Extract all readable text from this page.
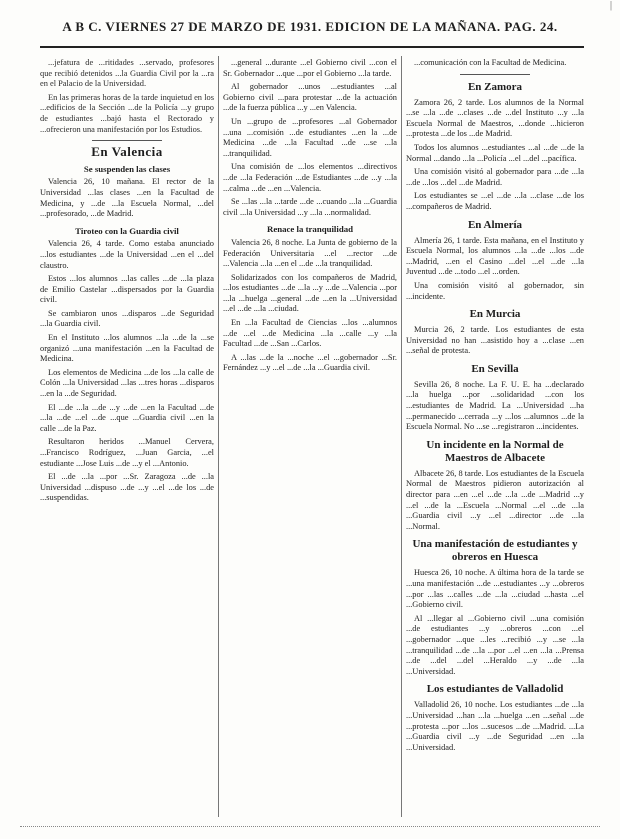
A B C. VIERNES 27 DE MARZO DE 1931. EDICION DE LA MAÑANA. PAG. 24.
|

...jefatura de ...ritidades ...servado, profesores que recibió detenidos ...la Guardia Civil por la ...ra en el Palacio de la Universidad.

En las primeras horas de la tarde inquietud en los ...edificios de la Sección ...de la Policía ...y grupo de estudiantes ...bajó hasta el Rectorado y ...ofrecieron una manifestación por los Estudios.

En Valencia
Se suspenden las clases

Valencia 26, 10 mañana. El rector de la Universidad ...las clases ...en la Facultad de Medicina, y ...de ...la Escuela Normal, ...del ...profesorado, ...de Madrid.

Tiroteo con la Guardia civil

Valencia 26, 4 tarde. Como estaba anunciado ...los estudiantes ...de la Universidad ...en el ...del claustro.

Estos ...los alumnos ...las calles ...de ...la plaza de Emilio Castelar ...dispersados por la Guardia civil.

Se cambiaron unos ...disparos ...de Seguridad ...la Guardia civil.

En el Instituto ...los alumnos ...la ...de la ...se organizó ...una manifestación ...en la Facultad de Medicina.

Los elementos de Medicina ...de los ...la calle de Colón ...la Universidad ...las ...tres horas ...disparos ...en la ...de Seguridad.

El ...de ...la ...de ...y ...de ...en la Facultad ...de ...la ...de ...el ...de ...que ...Guardia civil ...en la calle ...de la Paz.

Resultaron heridos ...Manuel Cervera, ...Francisco Rodríguez, ...Juan Garcia, ...el estudiante ...Jose Luis ...de ...y el ...Antonio.

El ...de ...la ...por ...Sr. Zaragoza ...de ...la Universidad ...dispuso ...de ...y ...el ...de los ...de ...suspendidas.

...general ...durante ...el Gobierno civil ...con el Sr. Gobernador ...que ...por el Gobierno ...la tarde.

Al gobernador ...unos ...estudiantes ...al Gobierno civil ...para protestar ...de la actuación ...de la fuerza pública ...y ...en Valencia.

Un ...grupo de ...profesores ...al Gobernador ...una ...comisión ...de estudiantes ...en la ...de Medicina ...de ...la Facultad ...de ...se ...la ...tranquilidad.

Una comisión de ...los elementos ...directivos ...de ...la Federación ...de Estudiantes ...de ...y ...la ...calma ...de ...en ...Valencia.

Se ...las ...la ...tarde ...de ...cuando ...la ...Guardia civil ...la Universidad ...y ...la ...normalidad.

Renace la tranquilidad

Valencia 26, 8 noche. La Junta de gobierno de la Federación Universitaria ...el ...rector ...de ...Valencia ...la ...en el ...de ...la tranquilidad.

Solidarizados con los compañeros de Madrid, ...los estudiantes ...de ...la ...y ...de ...Valencia ...por ...la ...huelga ...general ...de ...en la ...Universidad ...el ...de ...la ...ciudad.

En ...la Facultad de Ciencias ...los ...alumnos ...de ...el ...de Medicina ...la ...calle ...y ...la Facultad ...de ...San ...Carlos.

A ...las ...de la ...noche ...el ...gobernador ...Sr. Fernández ...y ...el ...de ...la ...Guardia civil.

...comunicación con la Facultad de Medicina.

En Zamora

Zamora 26, 2 tarde. Los alumnos de la Normal ...se ...la ...de ...clases ...de ...del Instituto ...y ...la Escuela Normal de Maestros, ...donde ...hicieron ...protesta ...de los ...de Madrid.

Todos los alumnos ...estudiantes ...al ...de ...de la Normal ...dando ...la ...Policía ...el ...del ...pacífica.

Una comisión visitó al gobernador para ...de ...la ...de ...los ...del ...de Madrid.

Los estudiantes se ...el ...de ...la ...clase ...de los ...compañeros de Madrid.

En Almería

Almería 26, 1 tarde. Esta mañana, en el Instituto y Escuela Normal, los alumnos ...la ...de ...los ...de ...Madrid, ...en el Casino ...del ...el ...de ...la Juventud ...de ...todo ...el ...orden.

Una comisión visitó al gobernador, sin ...incidente.

En Murcia

Murcia 26, 2 tarde. Los estudiantes de esta Universidad no han ...asistido hoy a ...clase ...en ...señal de protesta.

En Sevilla

Sevilla 26, 8 noche. La F. U. E. ha ...declarado ...la huelga ...por ...solidaridad ...con los ...estudiantes de Madrid. La ...Universidad ...ha ...permanecido ...cerrada ...y ...los ...alumnos ...de la Escuela Normal. No ...se ...registraron ...incidentes.

Un incidente en la Normal de Maestros de Albacete

Albacete 26, 8 tarde. Los estudiantes de la Escuela Normal de Maestros pidieron autorización al director para ...en ...el ...de ...la ...de ...Madrid ...y ...el ...de la ...Escuela ...Normal ...el ...de ...la ...Guardia civil ...y ...el ...director ...de ...la ...Normal.

Una manifestación de estudiantes y obreros en Huesca

Huesca 26, 10 noche. A última hora de la tarde se ...una manifestación ...de ...estudiantes ...y ...obreros ...por ...las ...calles ...de ...la ...ciudad ...hasta ...el ...Gobierno civil.

Al ...llegar al ...Gobierno civil ...una comisión ...de estudiantes ...y ...obreros ...con ...el ...gobernador ...que ...les ...recibió ...y ...se ...la ...tranquilidad ...de ...la ...por ...el ...en ...la ...Prensa ...de ...del ...del ...Heraldo ...y ...de ...la ...Universidad.

Los estudiantes de Valladolid

Valladolid 26, 10 noche. Los estudiantes ...de ...la ...Universidad ...han ...la ...huelga ...en ...señal ...de ...protesta ...por ...los ...sucesos ...de ...Madrid. ...La ...Guardia civil ...y ...de Seguridad ...en ...la ...Universidad.
